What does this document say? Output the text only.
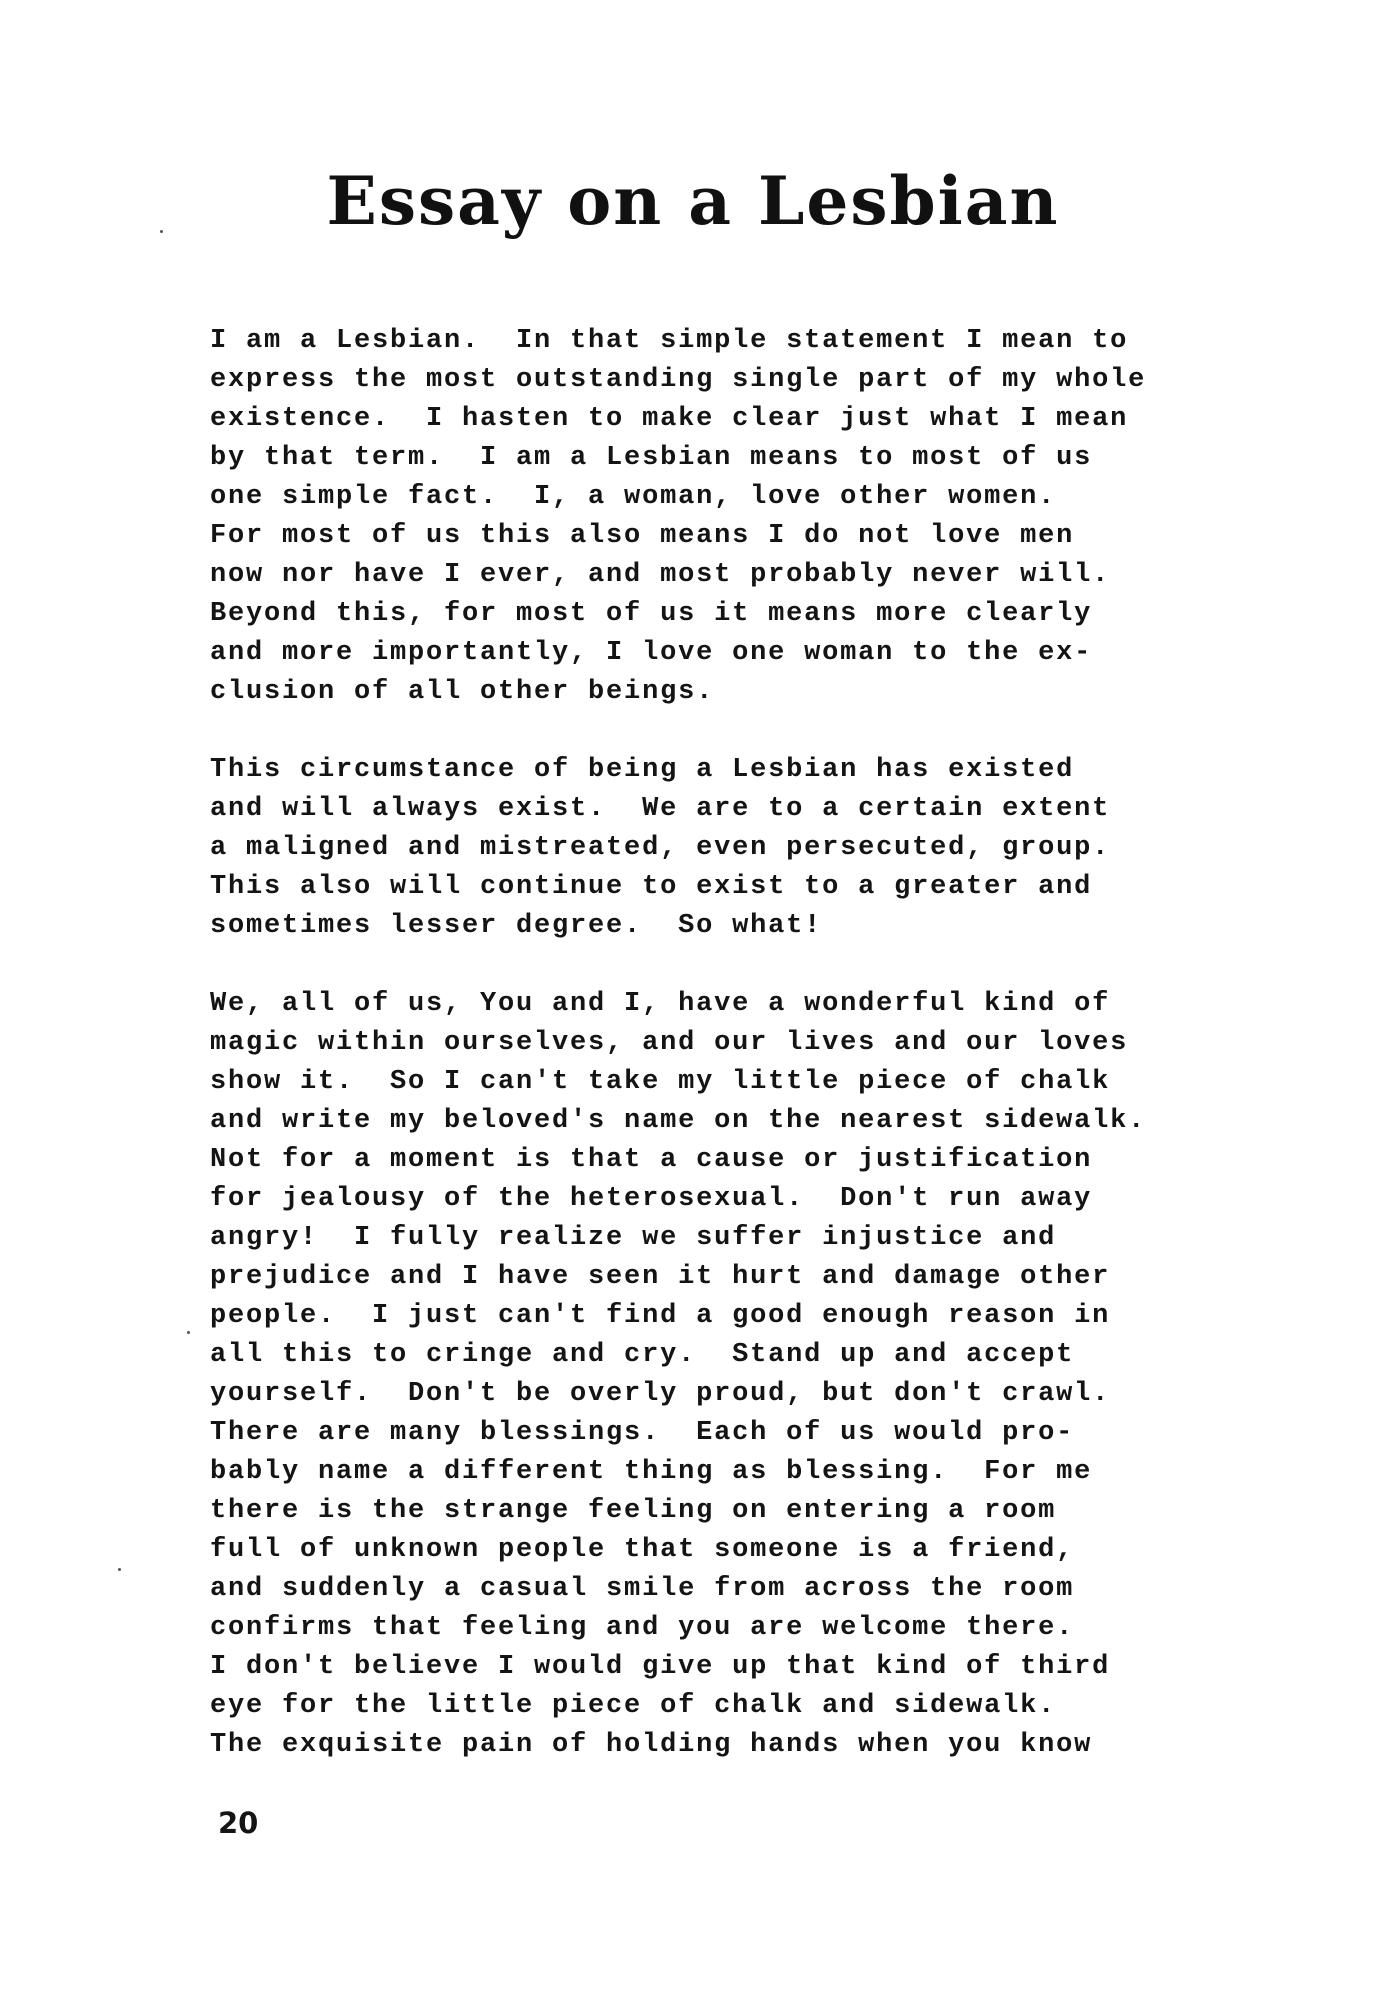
Essay on a Lesbian
I am a Lesbian.  In that simple statement I mean to
express the most outstanding single part of my whole
existence.  I hasten to make clear just what I mean
by that term.  I am a Lesbian means to most of us
one simple fact.  I, a woman, love other women.
For most of us this also means I do not love men
now nor have I ever, and most probably never will.
Beyond this, for most of us it means more clearly
and more importantly, I love one woman to the ex-
clusion of all other beings.
This circumstance of being a Lesbian has existed
and will always exist.  We are to a certain extent
a maligned and mistreated, even persecuted, group.
This also will continue to exist to a greater and
sometimes lesser degree.  So what!
We, all of us, You and I, have a wonderful kind of
magic within ourselves, and our lives and our loves
show it.  So I can't take my little piece of chalk
and write my beloved's name on the nearest sidewalk.
Not for a moment is that a cause or justification
for jealousy of the heterosexual.  Don't run away
angry!  I fully realize we suffer injustice and
prejudice and I have seen it hurt and damage other
people.  I just can't find a good enough reason in
all this to cringe and cry.  Stand up and accept
yourself.  Don't be overly proud, but don't crawl.
There are many blessings.  Each of us would pro-
bably name a different thing as blessing.  For me
there is the strange feeling on entering a room
full of unknown people that someone is a friend,
and suddenly a casual smile from across the room
confirms that feeling and you are welcome there.
I don't believe I would give up that kind of third
eye for the little piece of chalk and sidewalk.
The exquisite pain of holding hands when you know
20
